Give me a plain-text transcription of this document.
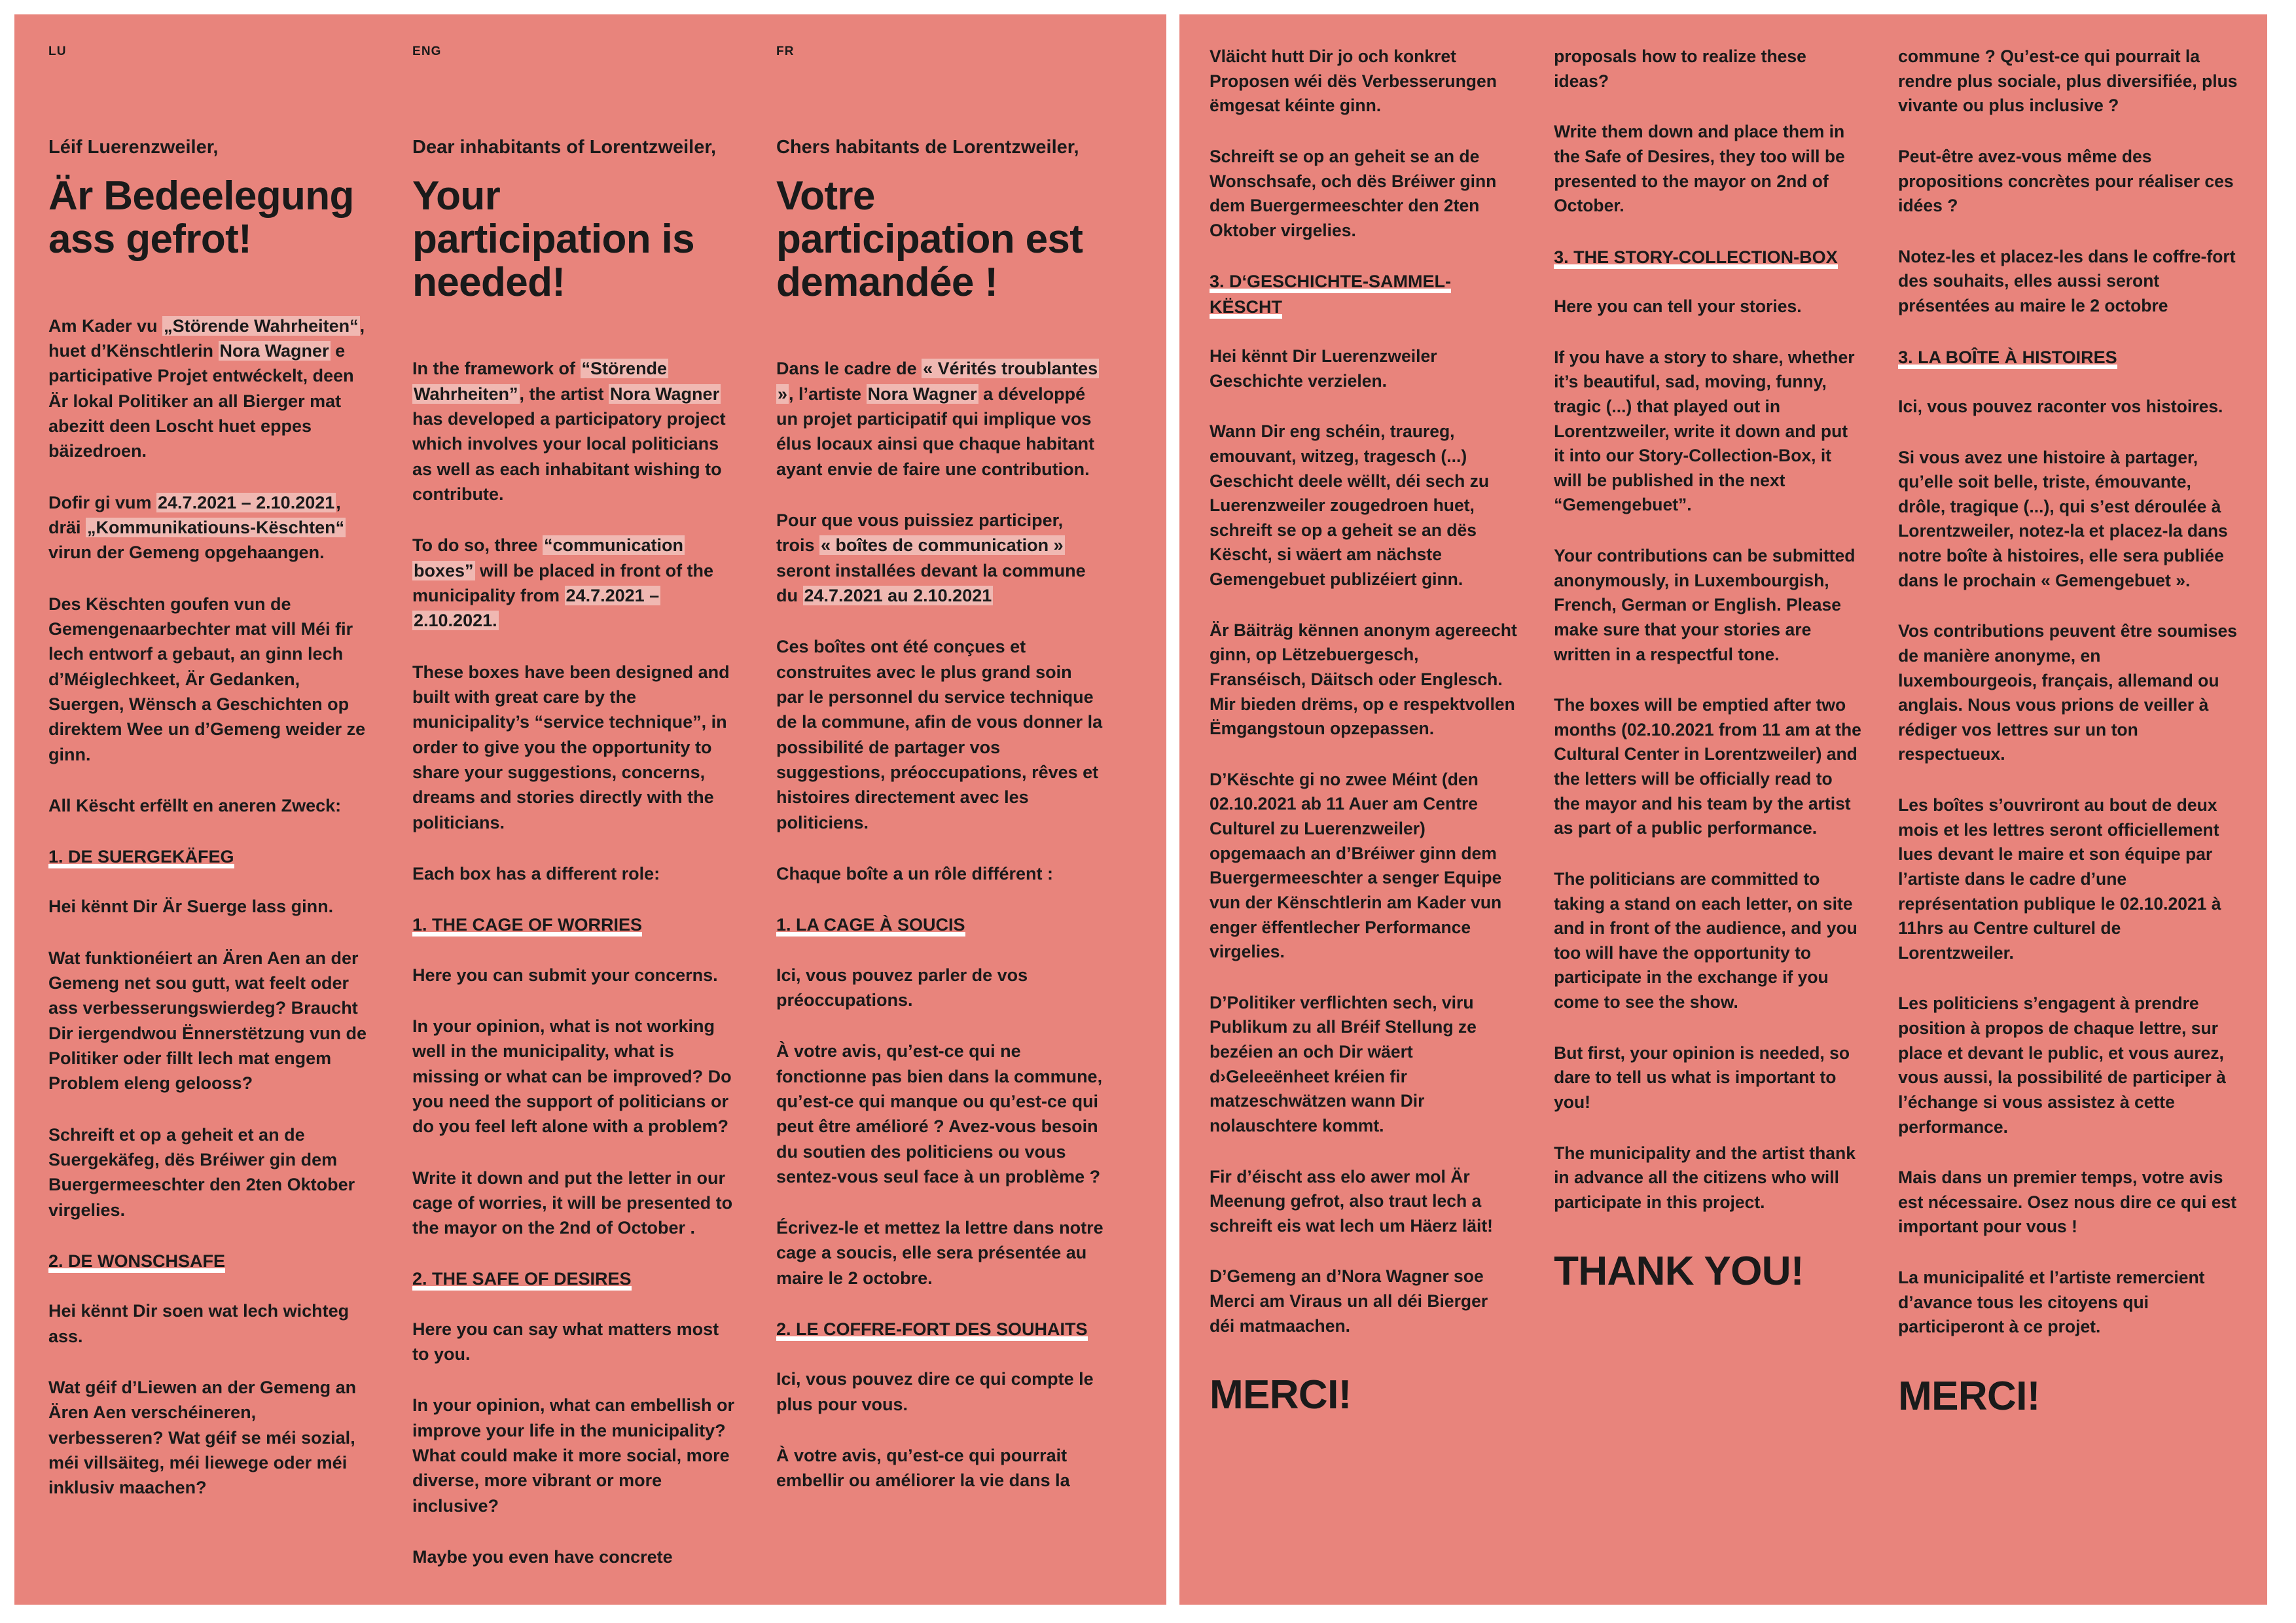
LU
Léif Luerenzweiler,
Är Bedeelegung ass gefrot!

Am Kader vu „Störende Wahrheiten“, huet d’Kënschtlerin Nora Wagner e participative Projet entwéckelt, deen Är lokal Politiker an all Bierger mat abezitt deen Loscht huet eppes bäizedroen.

Dofir gi vum 24.7.2021 – 2.10.2021, dräi „Kommunikatiouns-Këschten“ virun der Gemeng opgehaangen.

Des Këschten goufen vun de Gemengenaarbechter mat vill Méi fir lech entworf a gebaut, an ginn lech d’Méiglechkeet, Är Gedanken, Suergen, Wënsch a Geschichten op direktem Wee un d’Gemeng weider ze ginn.

All Këscht erfëllt en aneren Zweck:

1. DE SUERGEKÄFEG

Hei kënnt Dir Är Suerge lass ginn.

Wat funktionéiert an Ären Aen an der Gemeng net sou gutt, wat feelt oder ass verbesserungswierdeg? Braucht Dir iergendwou Ënnerstëtzung vun de Politiker oder fillt lech mat engem Problem eleng gelooss?

Schreift et op a geheit et an de Suergekäfeg, dës Bréiwer gin dem Buergermeeschter den 2ten Oktober virgelies.

2. DE WONSCHSAFE

Hei kënnt Dir soen wat lech wichteg ass.

Wat géif d’Liewen an der Gemeng an Ären Aen verschéineren, verbesseren? Wat géif se méi sozial, méi villsäiteg, méi liewege oder méi inklusiv maachen?

ENG
Dear inhabitants of Lorentzweiler,
Your participation is needed!

In the framework of “Störende Wahrheiten”, the artist Nora Wagner has developed a participatory project which involves your local politicians as well as each inhabitant wishing to contribute.

To do so, three “communication boxes” will be placed in front of the municipality from 24.7.2021 – 2.10.2021.

These boxes have been designed and built with great care by the municipality’s “service technique”, in order to give you the opportunity to share your suggestions, concerns, dreams and stories directly with the politicians.

Each box has a different role:

1. THE CAGE OF WORRIES

Here you can submit your concerns.

In your opinion, what is not working well in the municipality, what is missing or what can be improved? Do you need the support of politicians or do you feel left alone with a problem?

Write it down and put the letter in our cage of worries, it will be presented to the mayor on the 2nd of October .

2. THE SAFE OF DESIRES

Here you can say what matters most to you.

In your opinion, what can embellish or improve your life in the municipality? What could make it more social, more diverse, more vibrant or more inclusive?

Maybe you even have concrete

FR
Chers habitants de Lorentzweiler,
Votre participation est demandée !

Dans le cadre de « Vérités troublantes », l’artiste Nora Wagner a développé un projet participatif qui implique vos élus locaux ainsi que chaque habitant ayant envie de faire une contribution.

Pour que vous puissiez participer, trois « boîtes de communication » seront installées devant la commune du 24.7.2021 au 2.10.2021

Ces boîtes ont été conçues et construites avec le plus grand soin par le personnel du service technique de la commune, afin de vous donner la possibilité de partager vos suggestions, préoccupations, rêves et histoires directement avec les politiciens.

Chaque boîte a un rôle différent :

1. LA CAGE À SOUCIS

Ici, vous pouvez parler de vos préoccupations.

À votre avis, qu’est-ce qui ne fonctionne pas bien dans la commune, qu’est-ce qui manque ou qu’est-ce qui peut être amélioré ? Avez-vous besoin du soutien des politiciens ou vous sentez-vous seul face à un problème ?

Écrivez-le et mettez la lettre dans notre cage a soucis, elle sera présentée au maire le 2 octobre.

2. LE COFFRE-FORT DES SOUHAITS

Ici, vous pouvez dire ce qui compte le plus pour vous.

À votre avis, qu’est-ce qui pourrait embellir ou améliorer la vie dans la

Vläicht hutt Dir jo och konkret Proposen wéi dës Verbesserungen ëmgesat kéinte ginn.

Schreift se op an geheit se an de Wonschsafe, och dës Bréiwer ginn dem Buergermeeschter den 2ten Oktober virgelies.

3. D‘GESCHICHTE-SAMMEL-KËSCHT

Hei kënnt Dir Luerenzweiler Geschichte verzielen.

Wann Dir eng schéin, traureg, emouvant, witzeg, tragesch (...) Geschicht deele wëllt, déi sech zu Luerenzweiler zougedroen huet, schreift se op a geheit se an dës Këscht, si wäert am nächste Gemengebuet publizéiert ginn.

Är Bäiträg kënnen anonym agereecht ginn, op Lëtzebuergesch, Franséisch, Däitsch oder Englesch. Mir bieden drëms, op e respektvollen Ëmgangstoun opzepassen.

D’Këschte gi no zwee Méint (den 02.10.2021 ab 11 Auer am Centre Culturel zu Luerenzweiler) opgemaach an d’Bréiwer ginn dem Buergermeeschter a senger Equipe vun der Kënschtlerin am Kader vun enger ëffentlecher Performance virgelies.

D’Politiker verflichten sech, viru Publikum zu all Bréif Stellung ze bezéien an och Dir wäert d›Geleeënheet kréien fir matzeschwätzen wann Dir nolauschtere kommt.

Fir d’éischt ass elo awer mol Är Meenung gefrot, also traut lech a schreift eis wat lech um Häerz läit!

D’Gemeng an d’Nora Wagner soe Merci am Viraus un all déi Bierger déi matmaachen.

MERCI!

proposals how to realize these ideas?

Write them down and place them in the Safe of Desires, they too will be presented to the mayor on 2nd of October.

3. THE STORY-COLLECTION-BOX

Here you can tell your stories.

If you have a story to share, whether it’s beautiful, sad, moving, funny, tragic (...) that played out in Lorentzweiler, write it down and put it into our Story-Collection-Box, it will be published in the next “Gemengebuet”.

Your contributions can be submitted anonymously, in Luxembourgish, French, German or English. Please make sure that your stories are written in a respectful tone.

The boxes will be emptied after two months (02.10.2021 from 11 am at the Cultural Center in Lorentzweiler) and the letters will be officially read to the mayor and his team by the artist as part of a public performance.

The politicians are committed to taking a stand on each letter, on site and in front of the audience, and you too will have the opportunity to participate in the exchange if you come to see the show.

But first, your opinion is needed, so dare to tell us what is important to you!

The municipality and the artist thank in advance all the citizens who will participate in this project.

THANK YOU!

commune ? Qu’est-ce qui pourrait la rendre plus sociale, plus diversifiée, plus vivante ou plus inclusive ?

Peut-être avez-vous même des propositions concrètes pour réaliser ces idées ?

Notez-les et placez-les dans le coffre-fort des souhaits, elles aussi seront présentées au maire le 2 octobre

3. LA BOÎTE À HISTOIRES

Ici, vous pouvez raconter vos histoires.

Si vous avez une histoire à partager, qu’elle soit belle, triste, émouvante, drôle, tragique (...), qui s’est déroulée à Lorentzweiler, notez-la et placez-la dans notre boîte à histoires, elle sera publiée dans le prochain « Gemengebuet ».

Vos contributions peuvent être soumises de manière anonyme, en luxembourgeois, français, allemand ou anglais. Nous vous prions de veiller à rédiger vos lettres sur un ton respectueux.

Les boîtes s’ouvriront au bout de deux mois et les lettres seront officiellement lues devant le maire et son équipe par l’artiste dans le cadre d’une représentation publique le 02.10.2021 à 11hrs au Centre culturel de Lorentzweiler.

Les politiciens s’engagent à prendre position à propos de chaque lettre, sur place et devant le public, et vous aurez, vous aussi, la possibilité de participer à l’échange si vous assistez à cette performance.

Mais dans un premier temps, votre avis est nécessaire. Osez nous dire ce qui est important pour vous !

La municipalité et l’artiste remercient d’avance tous les citoyens qui participeront à ce projet.

MERCI!
